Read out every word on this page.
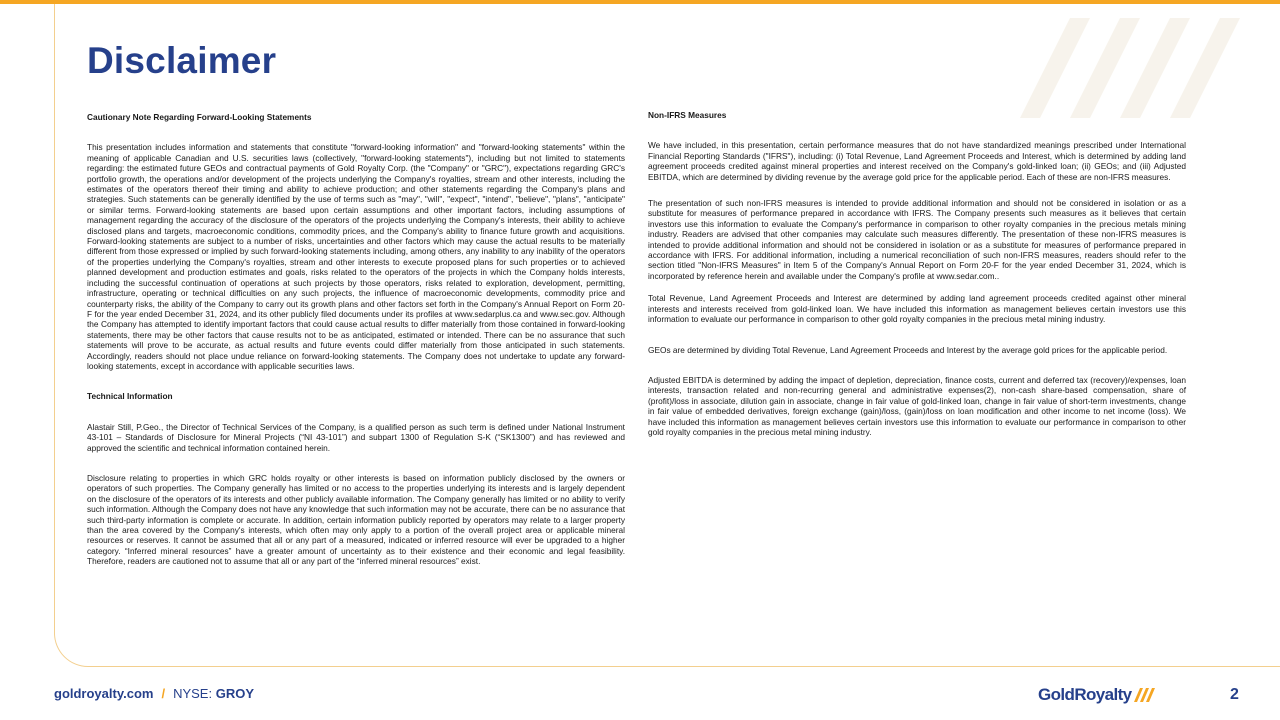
Disclaimer
Cautionary Note Regarding Forward-Looking Statements

This presentation includes information and statements that constitute "forward-looking information" and "forward-looking statements" within the meaning of applicable Canadian and U.S. securities laws (collectively, "forward-looking statements"), including but not limited to statements regarding: the estimated future GEOs and contractual payments of Gold Royalty Corp. (the "Company" or "GRC"), expectations regarding GRC's portfolio growth, the operations and/or development of the projects underlying the Company's royalties, stream and other interests, including the estimates of the operators thereof their timing and ability to achieve production; and other statements regarding the Company's plans and strategies. Such statements can be generally identified by the use of terms such as "may", "will", "expect", "intend", "believe", "plans", "anticipate" or similar terms. Forward-looking statements are based upon certain assumptions and other important factors, including assumptions of management regarding the accuracy of the disclosure of the operators of the projects underlying the Company's interests, their ability to achieve disclosed plans and targets, macroeconomic conditions, commodity prices, and the Company's ability to finance future growth and acquisitions. Forward-looking statements are subject to a number of risks, uncertainties and other factors which may cause the actual results to be materially different from those expressed or implied by such forward-looking statements including, among others, any inability to any inability of the operators of the properties underlying the Company's royalties, stream and other interests to execute proposed plans for such properties or to achieved planned development and production estimates and goals, risks related to the operators of the projects in which the Company holds interests, including the successful continuation of operations at such projects by those operators, risks related to exploration, development, permitting, infrastructure, operating or technical difficulties on any such projects, the influence of macroeconomic developments, commodity price and counterparty risks, the ability of the Company to carry out its growth plans and other factors set forth in the Company's Annual Report on Form 20-F for the year ended December 31, 2024, and its other publicly filed documents under its profiles at www.sedarplus.ca and www.sec.gov. Although the Company has attempted to identify important factors that could cause actual results to differ materially from those contained in forward-looking statements, there may be other factors that cause results not to be as anticipated, estimated or intended. There can be no assurance that such statements will prove to be accurate, as actual results and future events could differ materially from those anticipated in such statements. Accordingly, readers should not place undue reliance on forward-looking statements. The Company does not undertake to update any forward-looking statements, except in accordance with applicable securities laws.

Technical Information

Alastair Still, P.Geo., the Director of Technical Services of the Company, is a qualified person as such term is defined under National Instrument 43-101 – Standards of Disclosure for Mineral Projects (“NI 43-101”) and subpart 1300 of Regulation S-K (“SK1300”) and has reviewed and approved the scientific and technical information contained herein.

Disclosure relating to properties in which GRC holds royalty or other interests is based on information publicly disclosed by the owners or operators of such properties. The Company generally has limited or no access to the properties underlying its interests and is largely dependent on the disclosure of the operators of its interests and other publicly available information. The Company generally has limited or no ability to verify such information. Although the Company does not have any knowledge that such information may not be accurate, there can be no assurance that such third-party information is complete or accurate. In addition, certain information publicly reported by operators may relate to a larger property than the area covered by the Company's interests, which often may only apply to a portion of the overall project area or applicable mineral resources or reserves. It cannot be assumed that all or any part of a measured, indicated or inferred resource will ever be upgraded to a higher category. “Inferred mineral resources” have a greater amount of uncertainty as to their existence and their economic and legal feasibility. Therefore, readers are cautioned not to assume that all or any part of the “inferred mineral resources” exist.

Non-IFRS Measures

We have included, in this presentation, certain performance measures that do not have standardized meanings prescribed under International Financial Reporting Standards ("IFRS"), including: (i) Total Revenue, Land Agreement Proceeds and Interest, which is determined by adding land agreement proceeds credited against mineral properties and interest received on the Company's gold-linked loan; (ii) GEOs; and (iii) Adjusted EBITDA, which are determined by dividing revenue by the average gold price for the applicable period. Each of these are non-IFRS measures.

The presentation of such non-IFRS measures is intended to provide additional information and should not be considered in isolation or as a substitute for measures of performance prepared in accordance with IFRS. The Company presents such measures as it believes that certain investors use this information to evaluate the Company's performance in comparison to other royalty companies in the precious metals mining industry. Readers are advised that other companies may calculate such measures differently. The presentation of these non-IFRS measures is intended to provide additional information and should not be considered in isolation or as a substitute for measures of performance prepared in accordance with IFRS. For additional information, including a numerical reconciliation of such non-IFRS measures, readers should refer to the section titled "Non-IFRS Measures" in Item 5 of the Company's Annual Report on Form 20-F for the year ended December 31, 2024, which is incorporated by reference herein and available under the Company's profile at www.sedar.com..

Total Revenue, Land Agreement Proceeds and Interest are determined by adding land agreement proceeds credited against other mineral interests and interests received from gold-linked loan. We have included this information as management believes certain investors use this information to evaluate our performance in comparison to other gold royalty companies in the precious metal mining industry.

GEOs are determined by dividing Total Revenue, Land Agreement Proceeds and Interest by the average gold prices for the applicable period.

Adjusted EBITDA is determined by adding the impact of depletion, depreciation, finance costs, current and deferred tax (recovery)/expenses, loan interests, transaction related and non-recurring general and administrative expenses(2), non-cash share-based compensation, share of (profit)/loss in associate, dilution gain in associate, change in fair value of gold-linked loan, change in fair value of short-term investments, change in fair value of embedded derivatives, foreign exchange (gain)/loss, (gain)/loss on loan modification and other income to net income (loss). We have included this information as management believes certain investors use this information to evaluate our performance in comparison to other gold royalty companies in the precious metal mining industry.

goldroyalty.com / NYSE: GROY	GoldRoyalty	2
